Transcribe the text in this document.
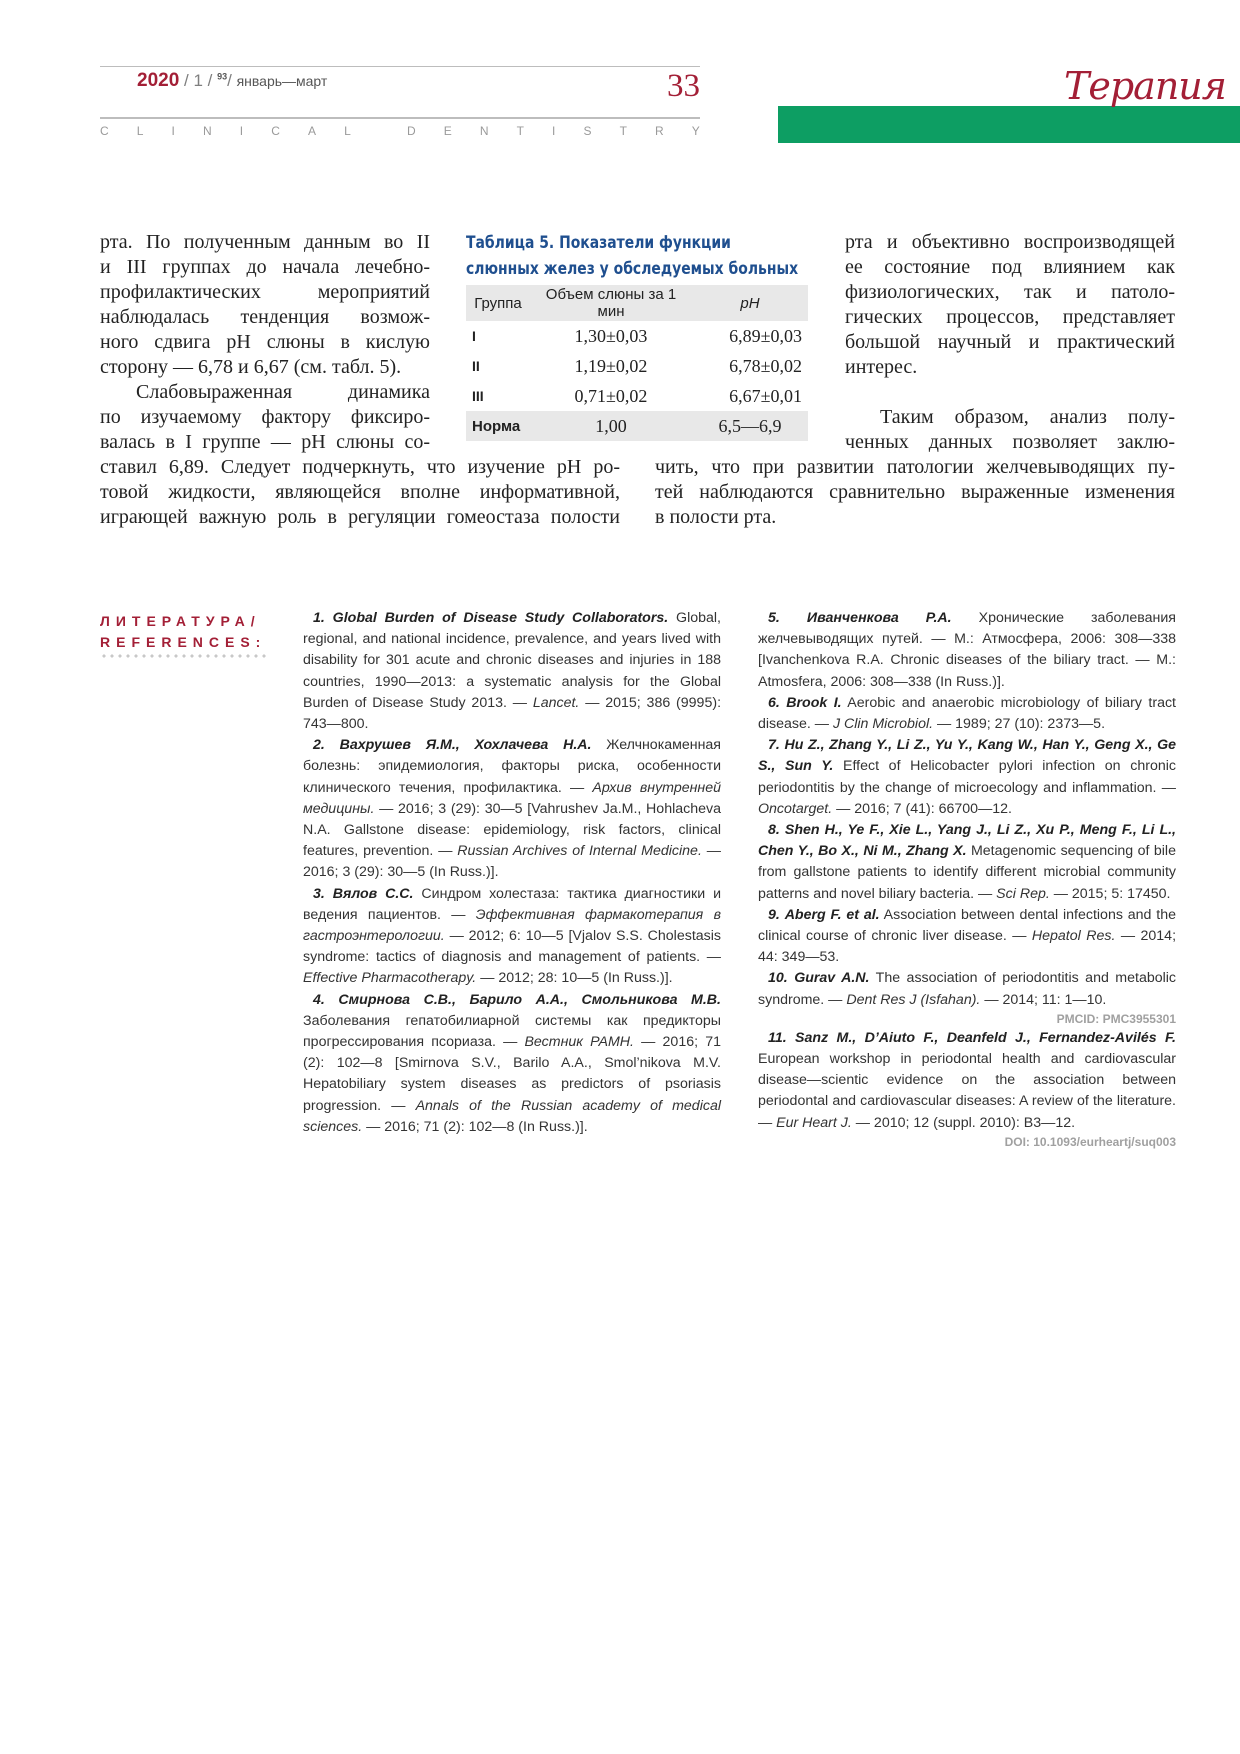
2020 / 1 / $^{93}$/ январь—март	33
C L I N I C A L	D E N T I S T R Y
Терапия

рта. По полученным данным во II

и III группах до начала лечебно-

профилактических мероприятий

наблюдалась тенденция возмож-

ного сдвига pH слюны в кислую

сторону — 6,78 и 6,67 (см. табл. 5).

Слабовыраженная динамика

по изучаемому фактору фиксиро-

валась в I группе — pH слюны со-

ставил 6,89. Следует подчеркнуть, что изучение pH ро-

товой жидкости, являющейся вполне информативной,

играющей важную роль в регуляции гомеостаза полости

Таблица 5. Показатели функции
слюнных желез у обследуемых больных
Группа	Объем слюны за 1 мин	pH
I	1,30±0,03	6,89±0,03
II	1,19±0,02	6,78±0,02
III	0,71±0,02	6,67±0,01
Норма	1,00	6,5—6,9

рта и объективно воспроизводящей

ее состояние под влиянием как

физиологических, так и патоло-

гических процессов, представляет

большой научный и практический

интерес.

Таким образом, анализ полу-

ченных данных позволяет заклю-

чить, что при развитии патологии желчевыводящих пу-

тей наблюдаются сравнительно выраженные изменения

в полости рта.

ЛИТЕРАТУРА/
REFERENCES:

1. Global Burden of Disease Study Collaborators. Global, regional, and national incidence, prevalence, and years lived with disability for 301 acute and chronic diseases and injuries in 188 countries, 1990—2013: a systematic analysis for the Global Burden of Disease Study 2013. — Lancet. — 2015; 386 (9995): 743—800.

2. Вахрушев Я.М., Хохлачева Н.А. Желчнокаменная болезнь: эпидемиология, факторы риска, особенности клинического течения, профилактика. — Архив внутренней медицины. — 2016; 3 (29): 30—5 [Vahrushev Ja.M., Hohlacheva N.A. Gallstone disease: epidemiology, risk factors, clinical features, prevention. — Russian Archives of Internal Medicine. — 2016; 3 (29): 30—5 (In Russ.)].

3. Вялов С.С. Синдром холестаза: тактика диагностики и ведения пациентов. — Эффективная фармакотерапия в гастроэнтерологии. — 2012; 6: 10—5 [Vjalov S.S. Cholestasis syndrome: tactics of diagnosis and management of patients. — Effective Pharmacotherapy. — 2012; 28: 10—5 (In Russ.)].

4. Смирнова С.В., Барило А.А., Смольникова М.В. Заболевания гепатобилиарной системы как предикторы прогрессирования псориаза. — Вестник РАМН. — 2016; 71 (2): 102—8 [Smirnova S.V., Barilo A.A., Smol’nikova M.V. Hepatobiliary system diseases as predictors of psoriasis progression. — Annals of the Russian academy of medical sciences. — 2016; 71 (2): 102—8 (In Russ.)].

5. Иванченкова Р.А. Хронические заболевания желчевыводящих путей. — М.: Атмосфера, 2006: 308—338 [Ivanchenkova R.A. Chronic diseases of the biliary tract. — M.: Atmosfera, 2006: 308—338 (In Russ.)].

6. Brook I. Aerobic and anaerobic microbiology of biliary tract disease. — J Clin Microbiol. — 1989; 27 (10): 2373—5.

7. Hu Z., Zhang Y., Li Z., Yu Y., Kang W., Han Y., Geng X., Ge S., Sun Y. Effect of Helicobacter pylori infection on chronic periodontitis by the change of microecology and inflammation. — Oncotarget. — 2016; 7 (41): 66700—12.

8. Shen H., Ye F., Xie L., Yang J., Li Z., Xu P., Meng F., Li L., Chen Y., Bo X., Ni M., Zhang X. Metagenomic sequencing of bile from gallstone patients to identify different microbial community patterns and novel biliary bacteria. — Sci Rep. — 2015; 5: 17450.

9. Aberg F. et al. Association between dental infections and the clinical course of chronic liver disease. — Hepatol Res. — 2014; 44: 349—53.

10. Gurav A.N. The association of periodontitis and metabolic syndrome. — Dent Res J (Isfahan). — 2014; 11: 1—10.

PMCID: PMC3955301

11. Sanz M., D’Aiuto F., Deanfeld J., Fernandez-Avilés F. European workshop in periodontal health and cardiovascular disease—scientic evidence on the association between periodontal and cardiovascular diseases: A review of the literature. — Eur Heart J. — 2010; 12 (suppl. 2010): B3—12.

DOI: 10.1093/eurheartj/suq003
